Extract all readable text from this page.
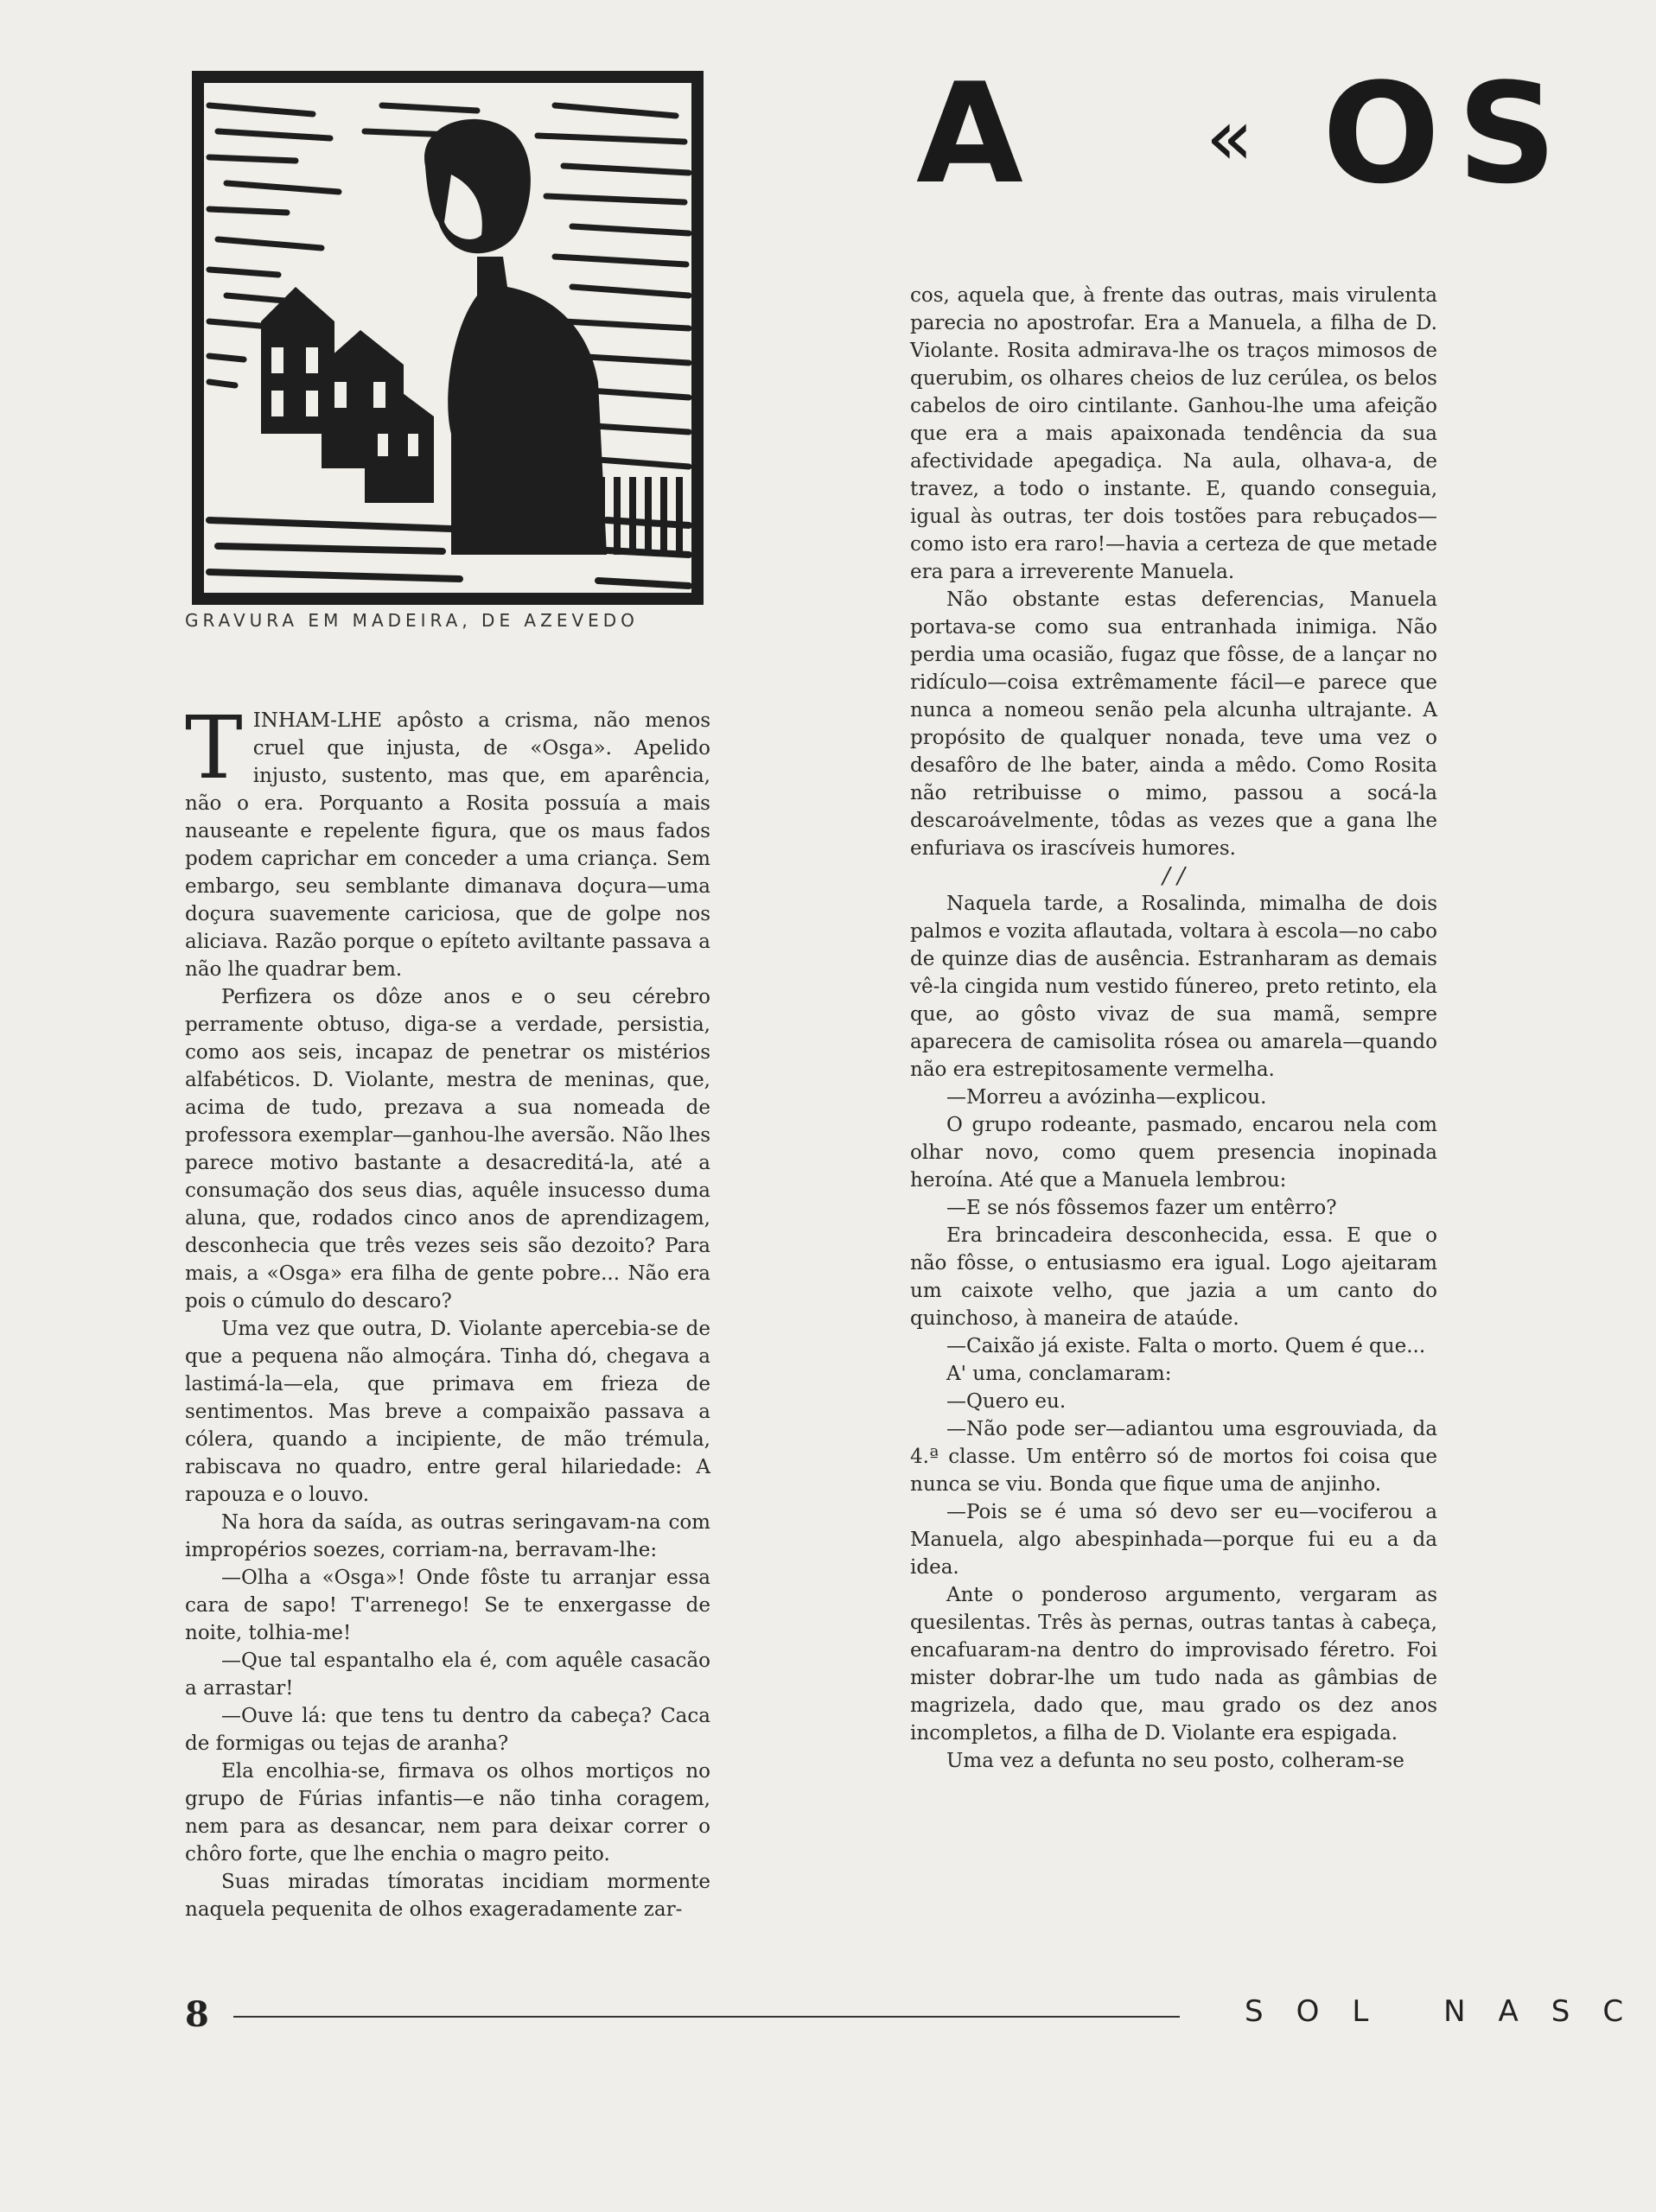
A « OS
GRAVURA EM MADEIRA, DE AZEVEDO

TINHAM-LHE apôsto a crisma, não menos cruel que injusta, de «Osga». Apelido injusto, sustento, mas que, em aparência, não o era. Porquanto a Rosita possuía a mais nauseante e repelente figura, que os maus fados podem caprichar em conceder a uma criança. Sem embargo, seu semblante dimanava doçura—uma doçura suavemente cariciosa, que de golpe nos aliciava. Razão porque o epíteto aviltante passava a não lhe quadrar bem.

Perfizera os dôze anos e o seu cérebro perramente obtuso, diga-se a verdade, persistia, como aos seis, incapaz de penetrar os mistérios alfabéticos. D. Violante, mestra de meninas, que, acima de tudo, prezava a sua nomeada de professora exemplar—ganhou-lhe aversão. Não lhes parece motivo bastante a desacreditá-la, até a consumação dos seus dias, aquêle insucesso duma aluna, que, rodados cinco anos de aprendizagem, desconhecia que três vezes seis são dezoito? Para mais, a «Osga» era filha de gente pobre... Não era pois o cúmulo do descaro?

Uma vez que outra, D. Violante apercebia-se de que a pequena não almoçára. Tinha dó, chegava a lastimá-la—ela, que primava em frieza de sentimentos. Mas breve a compaixão passava a cólera, quando a incipiente, de mão trémula, rabiscava no quadro, entre geral hilariedade: A rapouza e o louvo.

Na hora da saída, as outras seringavam-na com impropérios soezes, corriam-na, berravam-lhe:

—Olha a «Osga»! Onde fôste tu arranjar essa cara de sapo! T'arrenego! Se te enxergasse de noite, tolhia-me!

—Que tal espantalho ela é, com aquêle casacão a arrastar!

—Ouve lá: que tens tu dentro da cabeça? Caca de formigas ou tejas de aranha?

Ela encolhia-se, firmava os olhos mortiços no grupo de Fúrias infantis—e não tinha coragem, nem para as desancar, nem para deixar correr o chôro forte, que lhe enchia o magro peito.

Suas miradas tímoratas incidiam mormente naquela pequenita de olhos exageradamente zar-

cos, aquela que, à frente das outras, mais virulenta parecia no apostrofar. Era a Manuela, a filha de D. Violante. Rosita admirava-lhe os traços mimosos de querubim, os olhares cheios de luz cerúlea, os belos cabelos de oiro cintilante. Ganhou-lhe uma afeição que era a mais apaixonada tendência da sua afectividade apegadiça. Na aula, olhava-a, de travez, a todo o instante. E, quando conseguia, igual às outras, ter dois tostões para rebuçados—como isto era raro!—havia a certeza de que metade era para a irreverente Manuela.

Não obstante estas deferencias, Manuela portava-se como sua entranhada inimiga. Não perdia uma ocasião, fugaz que fôsse, de a lançar no ridículo—coisa extrêmamente fácil—e parece que nunca a nomeou senão pela alcunha ultrajante. A propósito de qualquer nonada, teve uma vez o desafôro de lhe bater, ainda a mêdo. Como Rosita não retribuisse o mimo, passou a socá-la descaroávelmente, tôdas as vezes que a gana lhe enfuriava os irascíveis humores.

/ /

Naquela tarde, a Rosalinda, mimalha de dois palmos e vozita aflautada, voltara à escola—no cabo de quinze dias de ausência. Estranharam as demais vê-la cingida num vestido fúnereo, preto retinto, ela que, ao gôsto vivaz de sua mamã, sempre aparecera de camisolita rósea ou amarela—quando não era estrepitosamente vermelha.

—Morreu a avózinha—explicou.

O grupo rodeante, pasmado, encarou nela com olhar novo, como quem presencia inopinada heroína. Até que a Manuela lembrou:

—E se nós fôssemos fazer um entêrro?

Era brincadeira desconhecida, essa. E que o não fôsse, o entusiasmo era igual. Logo ajeitaram um caixote velho, que jazia a um canto do quinchoso, à maneira de ataúde.

—Caixão já existe. Falta o morto. Quem é que...

A' uma, conclamaram:

—Quero eu.

—Não pode ser—adiantou uma esgrouviada, da 4.ª classe. Um entêrro só de mortos foi coisa que nunca se viu. Bonda que fique uma de anjinho.

—Pois se é uma só devo ser eu—vociferou a Manuela, algo abespinhada—porque fui eu a da idea.

Ante o ponderoso argumento, vergaram as quesilentas. Três às pernas, outras tantas à cabeça, encafuaram-na dentro do improvisado féretro. Foi mister dobrar-lhe um tudo nada as gâmbias de magrizela, dado que, mau grado os dez anos incompletos, a filha de D. Violante era espigada.

Uma vez a defunta no seu posto, colheram-se

8	SOL NASC
